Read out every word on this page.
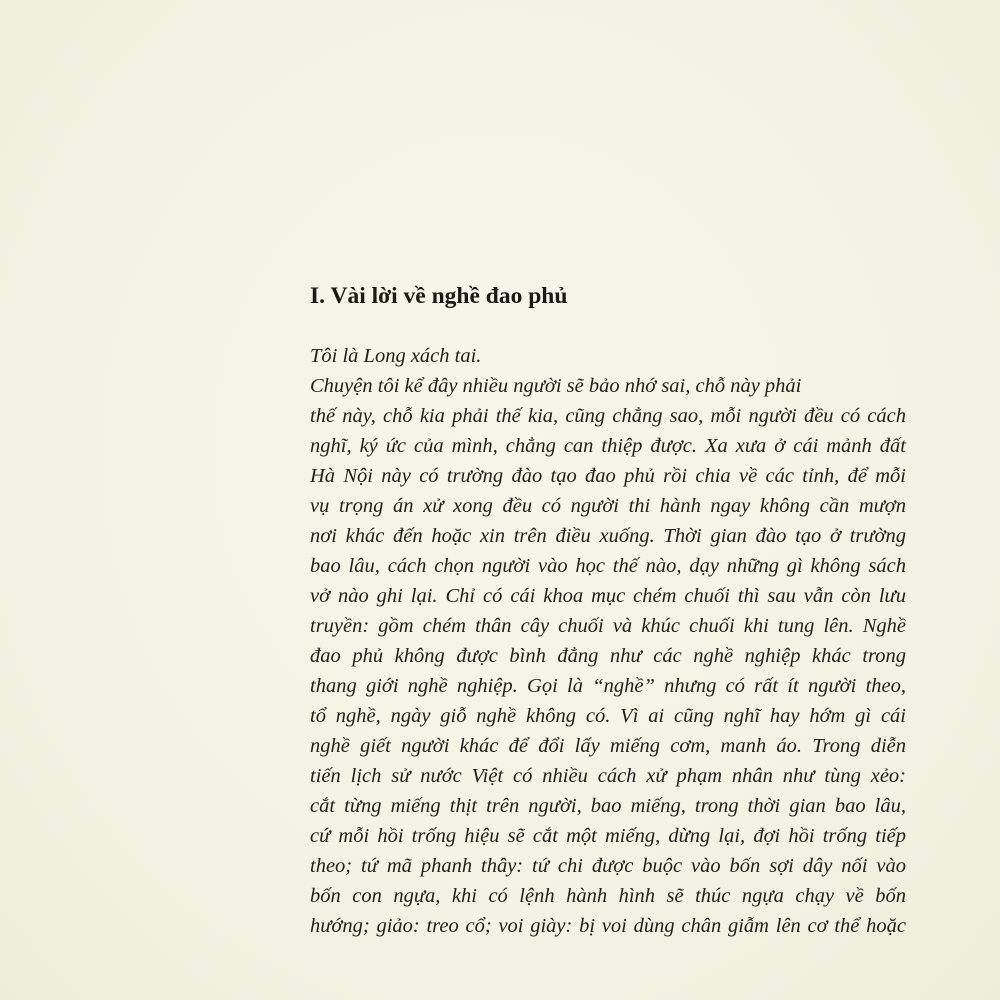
I. Vài lời về nghề đao phủ
Tôi là Long xách tai.
Chuyện tôi kể đây nhiều người sẽ bảo nhớ sai, chỗ này phải
thế này, chỗ kia phải thế kia, cũng chẳng sao, mỗi người đều có cách
nghĩ, ký ức của mình, chẳng can thiệp được. Xa xưa ở cái mảnh đất
Hà Nội này có trường đào tạo đao phủ rồi chia về các tỉnh, để mỗi
vụ trọng án xử xong đều có người thi hành ngay không cần mượn
nơi khác đến hoặc xin trên điều xuống. Thời gian đào tạo ở trường
bao lâu, cách chọn người vào học thế nào, dạy những gì không sách
vở nào ghi lại. Chỉ có cái khoa mục chém chuối thì sau vẫn còn lưu
truyền: gồm chém thân cây chuối và khúc chuối khi tung lên. Nghề
đao phủ không được bình đẳng như các nghề nghiệp khác trong
thang giới nghề nghiệp. Gọi là “nghề” nhưng có rất ít người theo,
tổ nghề, ngày giỗ nghề không có. Vì ai cũng nghĩ hay hớm gì cái
nghề giết người khác để đổi lấy miếng cơm, manh áo. Trong diễn
tiến lịch sử nước Việt có nhiều cách xử phạm nhân như tùng xẻo:
cắt từng miếng thịt trên người, bao miếng, trong thời gian bao lâu,
cứ mỗi hồi trống hiệu sẽ cắt một miếng, dừng lại, đợi hồi trống tiếp
theo; tứ mã phanh thây: tứ chi được buộc vào bốn sợi dây nối vào
bốn con ngựa, khi có lệnh hành hình sẽ thúc ngựa chạy về bốn
hướng; giảo: treo cổ; voi giày: bị voi dùng chân giẫm lên cơ thể hoặc
